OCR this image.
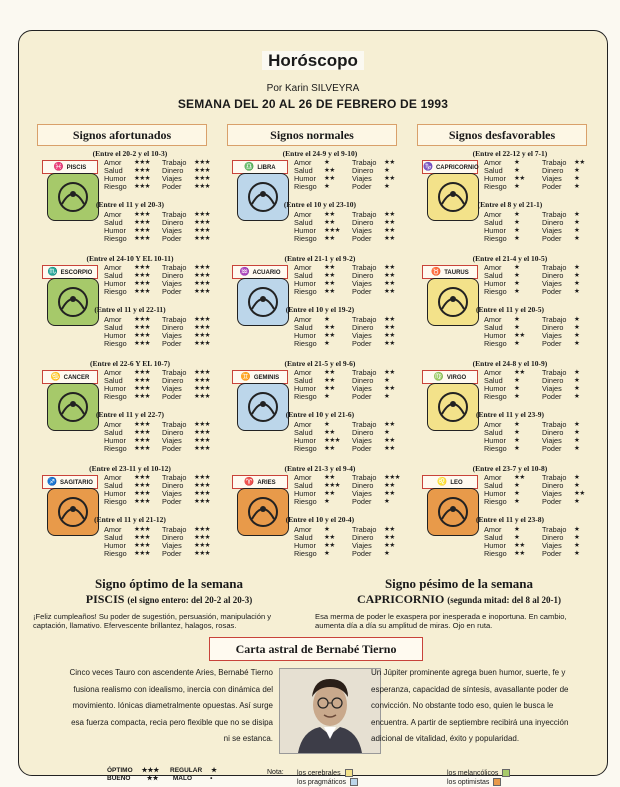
Horóscopo
Por Karin SILVEYRA
SEMANA DEL 20 AL 26 DE FEBRERO DE 1993
Signos afortunados	Signos normales	Signos desfavorables
(Entre el 20-2 y el 10-3)
♓ PISCIS
Amor	★★★	Trabajo	★★★
Salud	★★★	Dinero	★★★
Humor	★★★	Viajes	★★★
Riesgo	★★★	Poder	★★★
(Entre el 11 y el 20-3)
Amor	★★★	Trabajo	★★★
Salud	★★★	Dinero	★★★
Humor	★★★	Viajes	★★★
Riesgo	★★★	Poder	★★★
(Entre el 24-9 y el 9-10)
♎ LIBRA
Amor	★	Trabajo	★★
Salud	★★	Dinero	★
Humor	★★	Viajes	★★
Riesgo	★	Poder	★
(Entre el 10 y el 23-10)
Amor	★★	Trabajo	★★
Salud	★★	Dinero	★★
Humor	★★★	Viajes	★★
Riesgo	★★	Poder	★★
(Entre el 22-12 y el 7-1)
♑ CAPRICORNIO
Amor	★	Trabajo	★★
Salud	★	Dinero	★
Humor	★★	Viajes	★
Riesgo	★	Poder	★
(Entre el 8 y el 21-1)
Amor	★	Trabajo	★
Salud	★	Dinero	★
Humor	★	Viajes	★
Riesgo	★	Poder	★
(Entre el 24-10 Y EL 10-11)
♏ ESCORPIO
Amor	★★★	Trabajo	★★★
Salud	★★★	Dinero	★★★
Humor	★★★	Viajes	★★★
Riesgo	★★★	Poder	★★★
(Entre el 11 y el 22-11)
Amor	★★★	Trabajo	★★★
Salud	★★★	Dinero	★★★
Humor	★★★	Viajes	★★★
Riesgo	★★★	Poder	★★★
(Entre el 21-1 y el 9-2)
♒ ACUARIO
Amor	★★	Trabajo	★★
Salud	★★	Dinero	★★
Humor	★★	Viajes	★★
Riesgo	★★	Poder	★★
(Entre el 10 y el 19-2)
Amor	★	Trabajo	★★
Salud	★★	Dinero	★★
Humor	★★	Viajes	★★
Riesgo	★	Poder	★★
(Entre el 21-4 y el 10-5)
♉ TAURUS
Amor	★	Trabajo	★
Salud	★	Dinero	★
Humor	★	Viajes	★
Riesgo	★	Poder	★
(Entre el 11 y el 20-5)
Amor	★	Trabajo	★
Salud	★	Dinero	★
Humor	★★	Viajes	★
Riesgo	★	Poder	★
(Entre el 22-6 Y EL 10-7)
♋ CANCER
Amor	★★★	Trabajo	★★★
Salud	★★★	Dinero	★★★
Humor	★★★	Viajes	★★★
Riesgo	★★★	Poder	★★★
(Entre el 11 y el 22-7)
Amor	★★★	Trabajo	★★★
Salud	★★★	Dinero	★★★
Humor	★★★	Viajes	★★★
Riesgo	★★★	Poder	★★★
(Entre el 21-5 y el 9-6)
♊ GEMINIS
Amor	★★	Trabajo	★★
Salud	★★	Dinero	★
Humor	★★	Viajes	★★
Riesgo	★	Poder	★
(Entre el 10 y el 21-6)
Amor	★	Trabajo	★★
Salud	★★	Dinero	★
Humor	★★★	Viajes	★★
Riesgo	★★	Poder	★★
(Entre el 24-8 y el 10-9)
♍ VIRGO
Amor	★★	Trabajo	★
Salud	★	Dinero	★
Humor	★	Viajes	★
Riesgo	★	Poder	★
(Entre el 11 y el 23-9)
Amor	★	Trabajo	★
Salud	★	Dinero	★
Humor	★	Viajes	★
Riesgo	★	Poder	★
(Entre el 23-11 y el 10-12)
♐ SAGITARIO
Amor	★★★	Trabajo	★★★
Salud	★★★	Dinero	★★★
Humor	★★★	Viajes	★★★
Riesgo	★★★	Poder	★★★
(Entre el 11 y el 21-12)
Amor	★★★	Trabajo	★★★
Salud	★★★	Dinero	★★★
Humor	★★★	Viajes	★★★
Riesgo	★★★	Poder	★★★
(Entre el 21-3 y el 9-4)
♈ ARIES
Amor	★★	Trabajo	★★★
Salud	★★★	Dinero	★★
Humor	★★	Viajes	★★
Riesgo	★	Poder	★
(Entre el 10 y el 20-4)
Amor	★	Trabajo	★★
Salud	★★	Dinero	★★
Humor	★★	Viajes	★★
Riesgo	★	Poder	★
(Entre el 23-7 y el 10-8)
♌ LEO
Amor	★★	Trabajo	★
Salud	★	Dinero	★
Humor	★	Viajes	★★
Riesgo	★	Poder	★
(Entre el 11 y el 23-8)
Amor	★	Trabajo	★
Salud	★	Dinero	★
Humor	★★	Viajes	★
Riesgo	★★	Poder	★
Signo óptimo de la semana
PISCIS (el signo entero: del 20-2 al 20-3)
¡Feliz cumpleaños! Su poder de sugestión, persuasión, manipulación y captación, llamativo. Efervescente brillantez, halagos, rosas.
Signo pésimo de la semana
CAPRICORNIO (segunda mitad: del 8 al 20-1)
Esa merma de poder le exaspera por inesperada e inoportuna. En cambio, aumenta día a día su amplitud de miras. Ojo en ruta.
Carta astral de Bernabé Tierno
Cinco veces Tauro con ascendente Aries, Bernabé Tierno fusiona realismo con idealismo, inercia con dinámica del movimiento. Iónicas diametralmente opuestas. Así surge esa fuerza compacta, recia pero flexible que no se disipa ni se estanca.
Un Júpiter prominente agrega buen humor, suerte, fe y esperanza, capacidad de síntesis, avasallante poder de convicción. No obstante todo eso, quien le busca le encuentra. A partir de septiembre recibirá una inyección adicional de vitalidad, éxito y popularidad.
ÓPTIMO ★★★ REGULAR ★
BUENO	★★ MALO	•
Nota: los cerebrales
los pragmáticos
los melancólicos
los optimistas
